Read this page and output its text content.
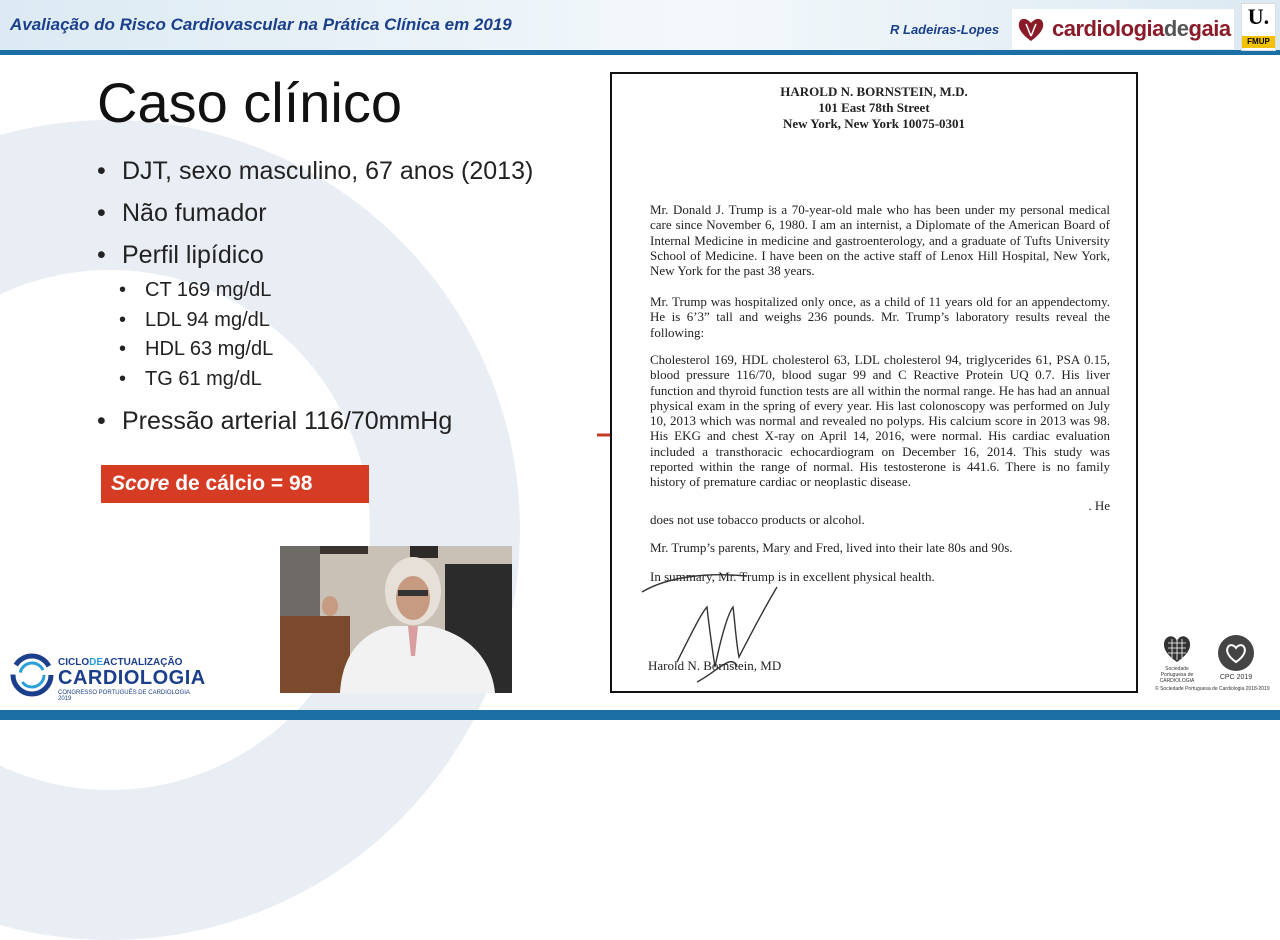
Avaliação do Risco Cardiovascular na Prática Clínica em 2019	R Ladeiras-Lopes cardiologiadegaia U.
FMUP
Caso clínico
• DJT, sexo masculino, 67 anos (2013)
• Não fumador
• Perfil lipídico
• CT 169 mg/dL
• LDL 94 mg/dL
• HDL 63 mg/dL
• TG 61 mg/dL
• Pressão arterial 116/70mmHg
Score de cálcio = 98
HAROLD N. BORNSTEIN, M.D.
101 East 78th Street
New York, New York 10075-0301
Mr. Donald J. Trump is a 70-year-old male who has been under my personal medical care since November 6, 1980. I am an internist, a Diplomate of the American Board of Internal Medicine in medicine and gastroenterology, and a graduate of Tufts University School of Medicine. I have been on the active staff of Lenox Hill Hospital, New York, New York for the past 38 years.
Mr. Trump was hospitalized only once, as a child of 11 years old for an appendectomy. He is 6’3” tall and weighs 236 pounds. Mr. Trump’s laboratory results reveal the following:
Cholesterol 169, HDL cholesterol 63, LDL cholesterol 94, triglycerides 61, PSA 0.15, blood pressure 116/70, blood sugar 99 and C Reactive Protein UQ 0.7. His liver function and thyroid function tests are all within the normal range. He has had an annual physical exam in the spring of every year. His last colonoscopy was performed on July 10, 2013 which was normal and revealed no polyps. His calcium score in 2013 was 98. His EKG and chest X-ray on April 14, 2016, were normal. His cardiac evaluation included a transthoracic echocardiogram on December 16, 2014. This study was reported within the range of normal. His testosterone is 441.6. There is no family history of premature cardiac or neoplastic disease.
. He
does not use tobacco products or alcohol.
Mr. Trump’s parents, Mary and Fred, lived into their late 80s and 90s.
In summary, Mr. Trump is in excellent physical health.
Harold N. Bornstein, MD
CICLODEACTUALIZAÇÃO
CARDIOLOGIA
CONGRESSO PORTUGUÊS DE CARDIOLOGIA 2019
Sociedade Portuguesa de CARDIOLOGIA	CPC 2019
© Sociedade Portuguesa de Cardiologia 2018-2019
